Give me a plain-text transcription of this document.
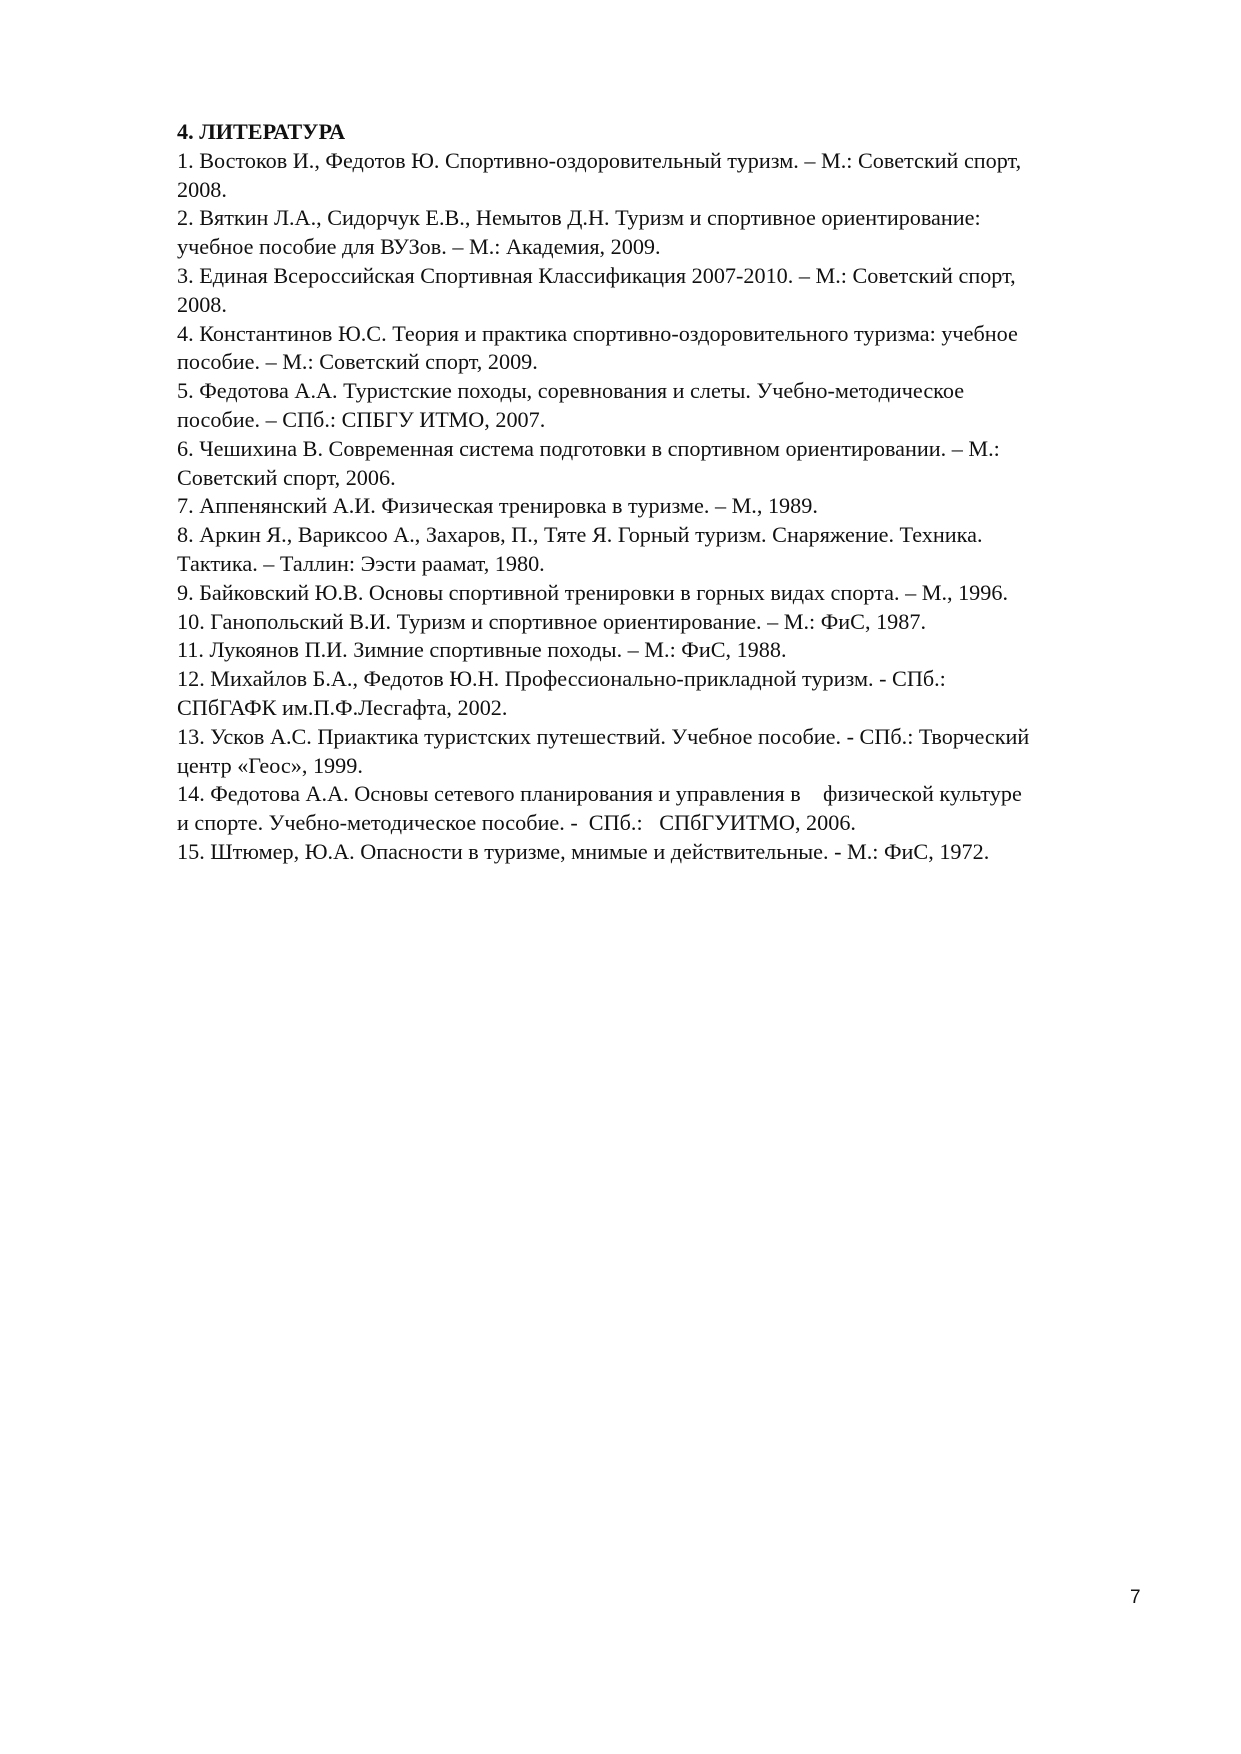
4. ЛИТЕРАТУРА
1. Востоков И., Федотов Ю. Спортивно-оздоровительный туризм. – М.: Советский спорт,
2008.
2. Вяткин Л.А., Сидорчук Е.В., Немытов Д.Н. Туризм и спортивное ориентирование:
учебное пособие для ВУЗов. – М.: Академия, 2009.
3. Единая Всероссийская Спортивная Классификация 2007-2010. – М.: Советский спорт,
2008.
4. Константинов Ю.С. Теория и практика спортивно-оздоровительного туризма: учебное
пособие. – М.: Советский спорт, 2009.
5. Федотова А.А. Туристские походы, соревнования и слеты. Учебно-методическое
пособие. – СПб.: СПБГУ ИТМО, 2007.
6. Чешихина В. Современная система подготовки в спортивном ориентировании. – М.:
Советский спорт, 2006.
7. Аппенянский А.И. Физическая тренировка в туризме. – М., 1989.
8. Аркин Я., Вариксоо А., Захаров, П., Тяте Я. Горный туризм. Снаряжение. Техника.
Тактика. – Таллин: Ээсти раамат, 1980.
9. Байковский Ю.В. Основы спортивной тренировки в горных видах спорта. – М., 1996.
10. Ганопольский В.И. Туризм и спортивное ориентирование. – М.: ФиС, 1987.
11. Лукоянов П.И. Зимние спортивные походы. – М.: ФиС, 1988.
12. Михайлов Б.А., Федотов Ю.Н. Профессионально-прикладной туризм. - СПб.:
СПбГАФК им.П.Ф.Лесгафта, 2002.
13. Усков А.С. Приактика туристских путешествий. Учебное пособие. - СПб.: Творческий
центр «Геос», 1999.
14. Федотова А.А. Основы сетевого планирования и управления в    физической культуре
и спорте. Учебно-методическое пособие. -  СПб.:   СПбГУИТМО, 2006.
15. Штюмер, Ю.А. Опасности в туризме, мнимые и действительные. - М.: ФиС, 1972.
7
